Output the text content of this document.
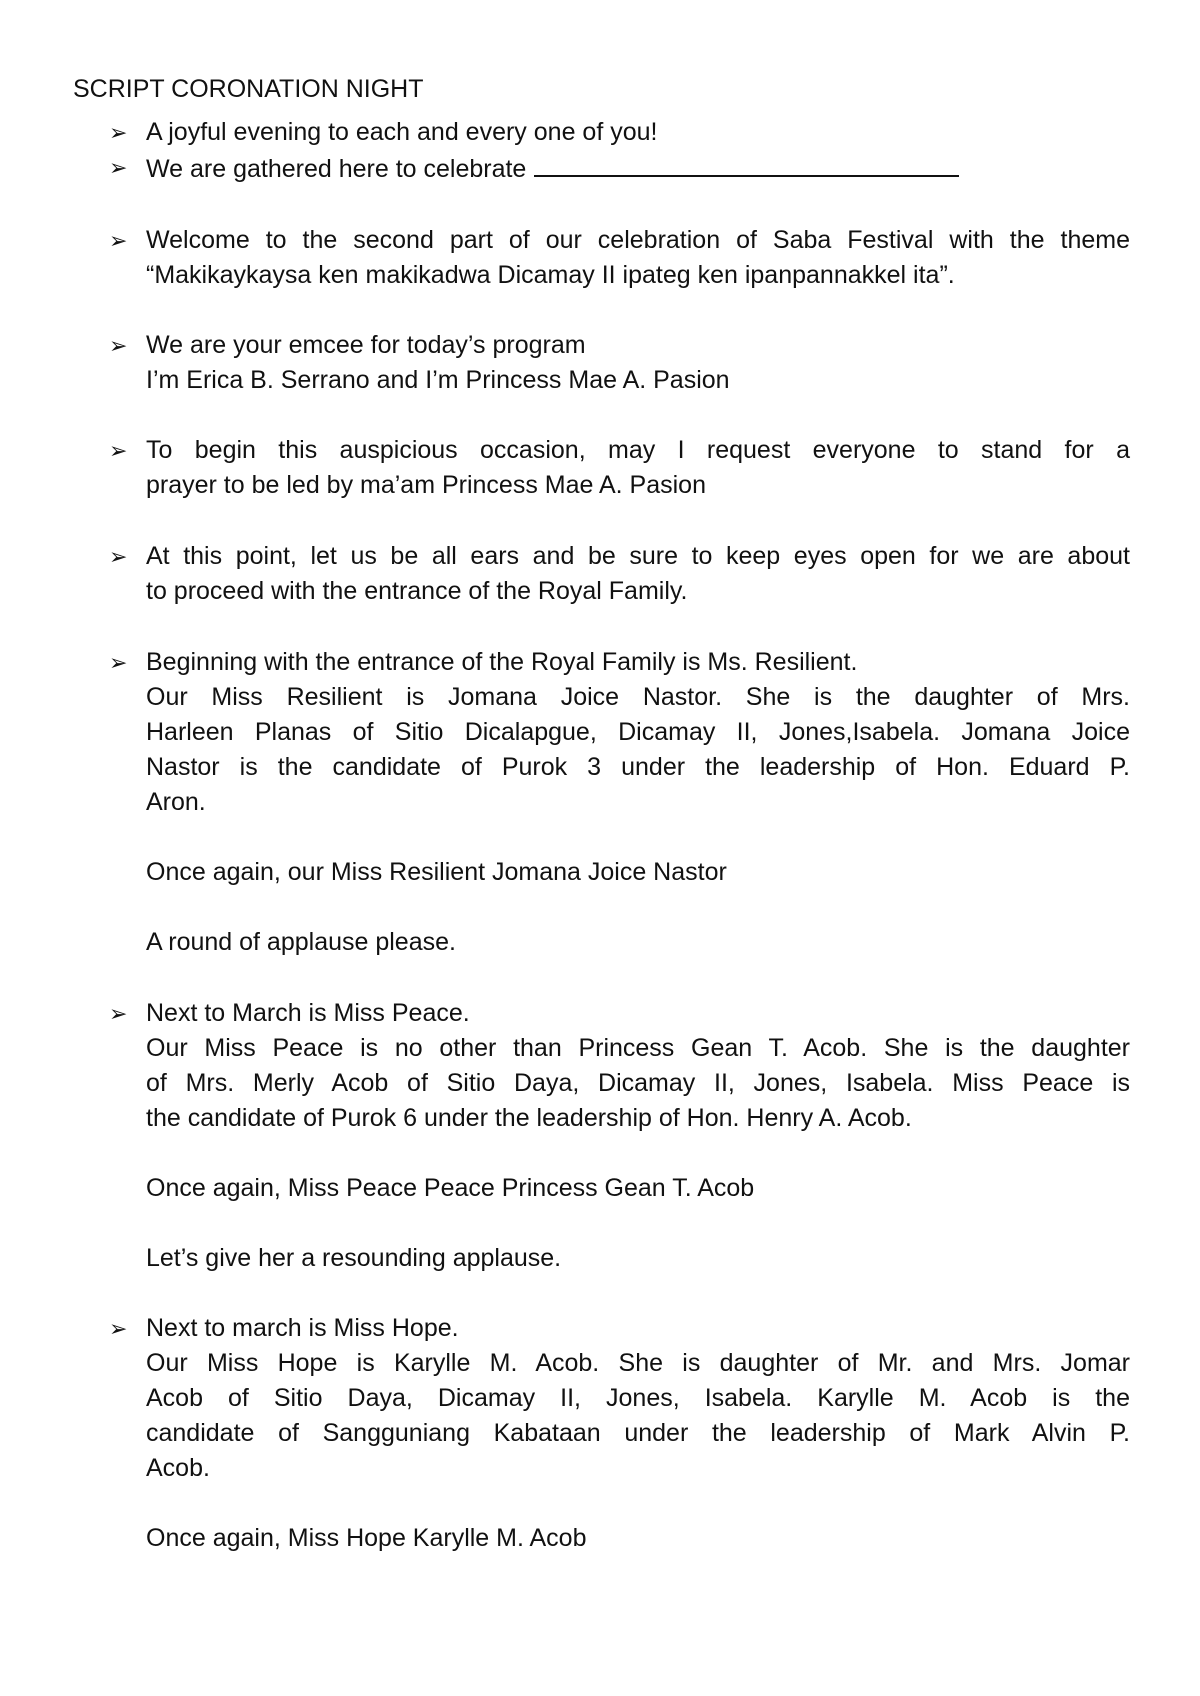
SCRIPT CORONATION NIGHT
➢ A joyful evening to each and every one of you!
➢ We are gathered here to celebrate
➢ Welcome to the second part of our celebration of Saba Festival with the theme
“Makikaykaysa ken makikadwa Dicamay II ipateg ken ipanpannakkel ita”.
➢ We are your emcee for today’s program
I’m Erica B. Serrano and I’m Princess Mae A. Pasion
➢ To begin this auspicious occasion, may I request everyone to stand for a
prayer to be led by ma’am Princess Mae A. Pasion
➢ At this point, let us be all ears and be sure to keep eyes open for we are about
to proceed with the entrance of the Royal Family.
➢ Beginning with the entrance of the Royal Family is Ms. Resilient.
Our Miss Resilient is Jomana Joice Nastor. She is the daughter of Mrs.
Harleen Planas of Sitio Dicalapgue, Dicamay II, Jones,Isabela. Jomana Joice
Nastor is the candidate of Purok 3 under the leadership of Hon. Eduard P.
Aron.
Once again, our Miss Resilient Jomana Joice Nastor
A round of applause please.
➢ Next to March is Miss Peace.
Our Miss Peace is no other than Princess Gean T. Acob. She is the daughter
of Mrs. Merly Acob of Sitio Daya, Dicamay II, Jones, Isabela. Miss Peace is
the candidate of Purok 6 under the leadership of Hon. Henry A. Acob.
Once again, Miss Peace Peace Princess Gean T. Acob
Let’s give her a resounding applause.
➢ Next to march is Miss Hope.
Our Miss Hope is Karylle M. Acob. She is daughter of Mr. and Mrs. Jomar
Acob of Sitio Daya, Dicamay II, Jones, Isabela. Karylle M. Acob is the
candidate of Sangguniang Kabataan under the leadership of Mark Alvin P.
Acob.
Once again, Miss Hope Karylle M. Acob
